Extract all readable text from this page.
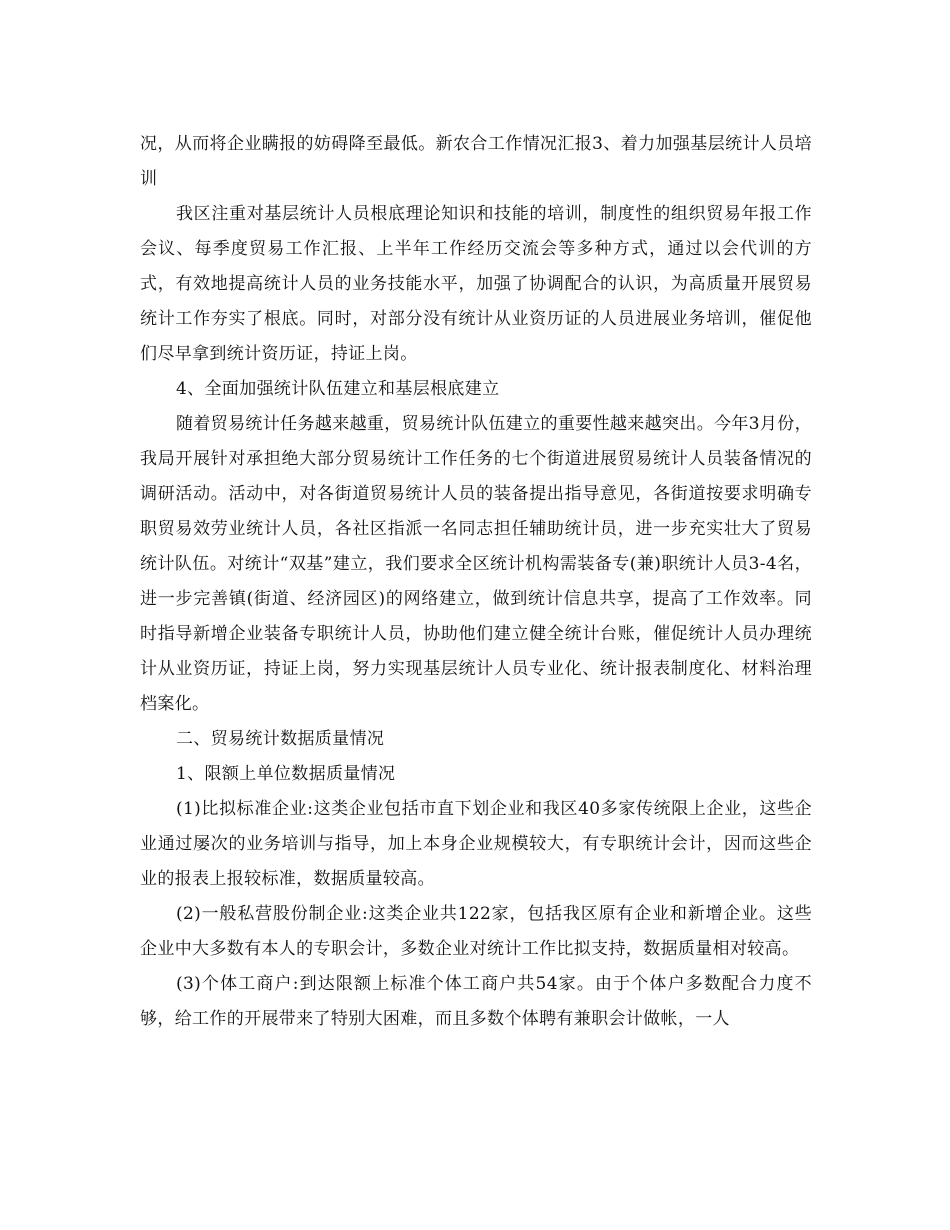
况，从而将企业瞒报的妨碍降至最低。新农合工作情况汇报3、着力加强基层统计人员培训

我区注重对基层统计人员根底理论知识和技能的培训，制度性的组织贸易年报工作会议、每季度贸易工作汇报、上半年工作经历交流会等多种方式，通过以会代训的方式，有效地提高统计人员的业务技能水平，加强了协调配合的认识，为高质量开展贸易统计工作夯实了根底。同时，对部分没有统计从业资历证的人员进展业务培训，催促他们尽早拿到统计资历证，持证上岗。

4、全面加强统计队伍建立和基层根底建立

随着贸易统计任务越来越重，贸易统计队伍建立的重要性越来越突出。今年3月份，我局开展针对承担绝大部分贸易统计工作任务的七个街道进展贸易统计人员装备情况的调研活动。活动中，对各街道贸易统计人员的装备提出指导意见，各街道按要求明确专职贸易效劳业统计人员，各社区指派一名同志担任辅助统计员，进一步充实壮大了贸易统计队伍。对统计“双基”建立，我们要求全区统计机构需装备专(兼)职统计人员3-4名，进一步完善镇(街道、经济园区)的网络建立，做到统计信息共享，提高了工作效率。同时指导新增企业装备专职统计人员，协助他们建立健全统计台账，催促统计人员办理统计从业资历证，持证上岗，努力实现基层统计人员专业化、统计报表制度化、材料治理档案化。

二、贸易统计数据质量情况

1、限额上单位数据质量情况

(1)比拟标准企业:这类企业包括市直下划企业和我区40多家传统限上企业，这些企业通过屡次的业务培训与指导，加上本身企业规模较大，有专职统计会计，因而这些企业的报表上报较标准，数据质量较高。

(2)一般私营股份制企业:这类企业共122家，包括我区原有企业和新增企业。这些企业中大多数有本人的专职会计，多数企业对统计工作比拟支持，数据质量相对较高。

(3)个体工商户:到达限额上标准个体工商户共54家。由于个体户多数配合力度不够，给工作的开展带来了特别大困难，而且多数个体聘有兼职会计做帐，一人
